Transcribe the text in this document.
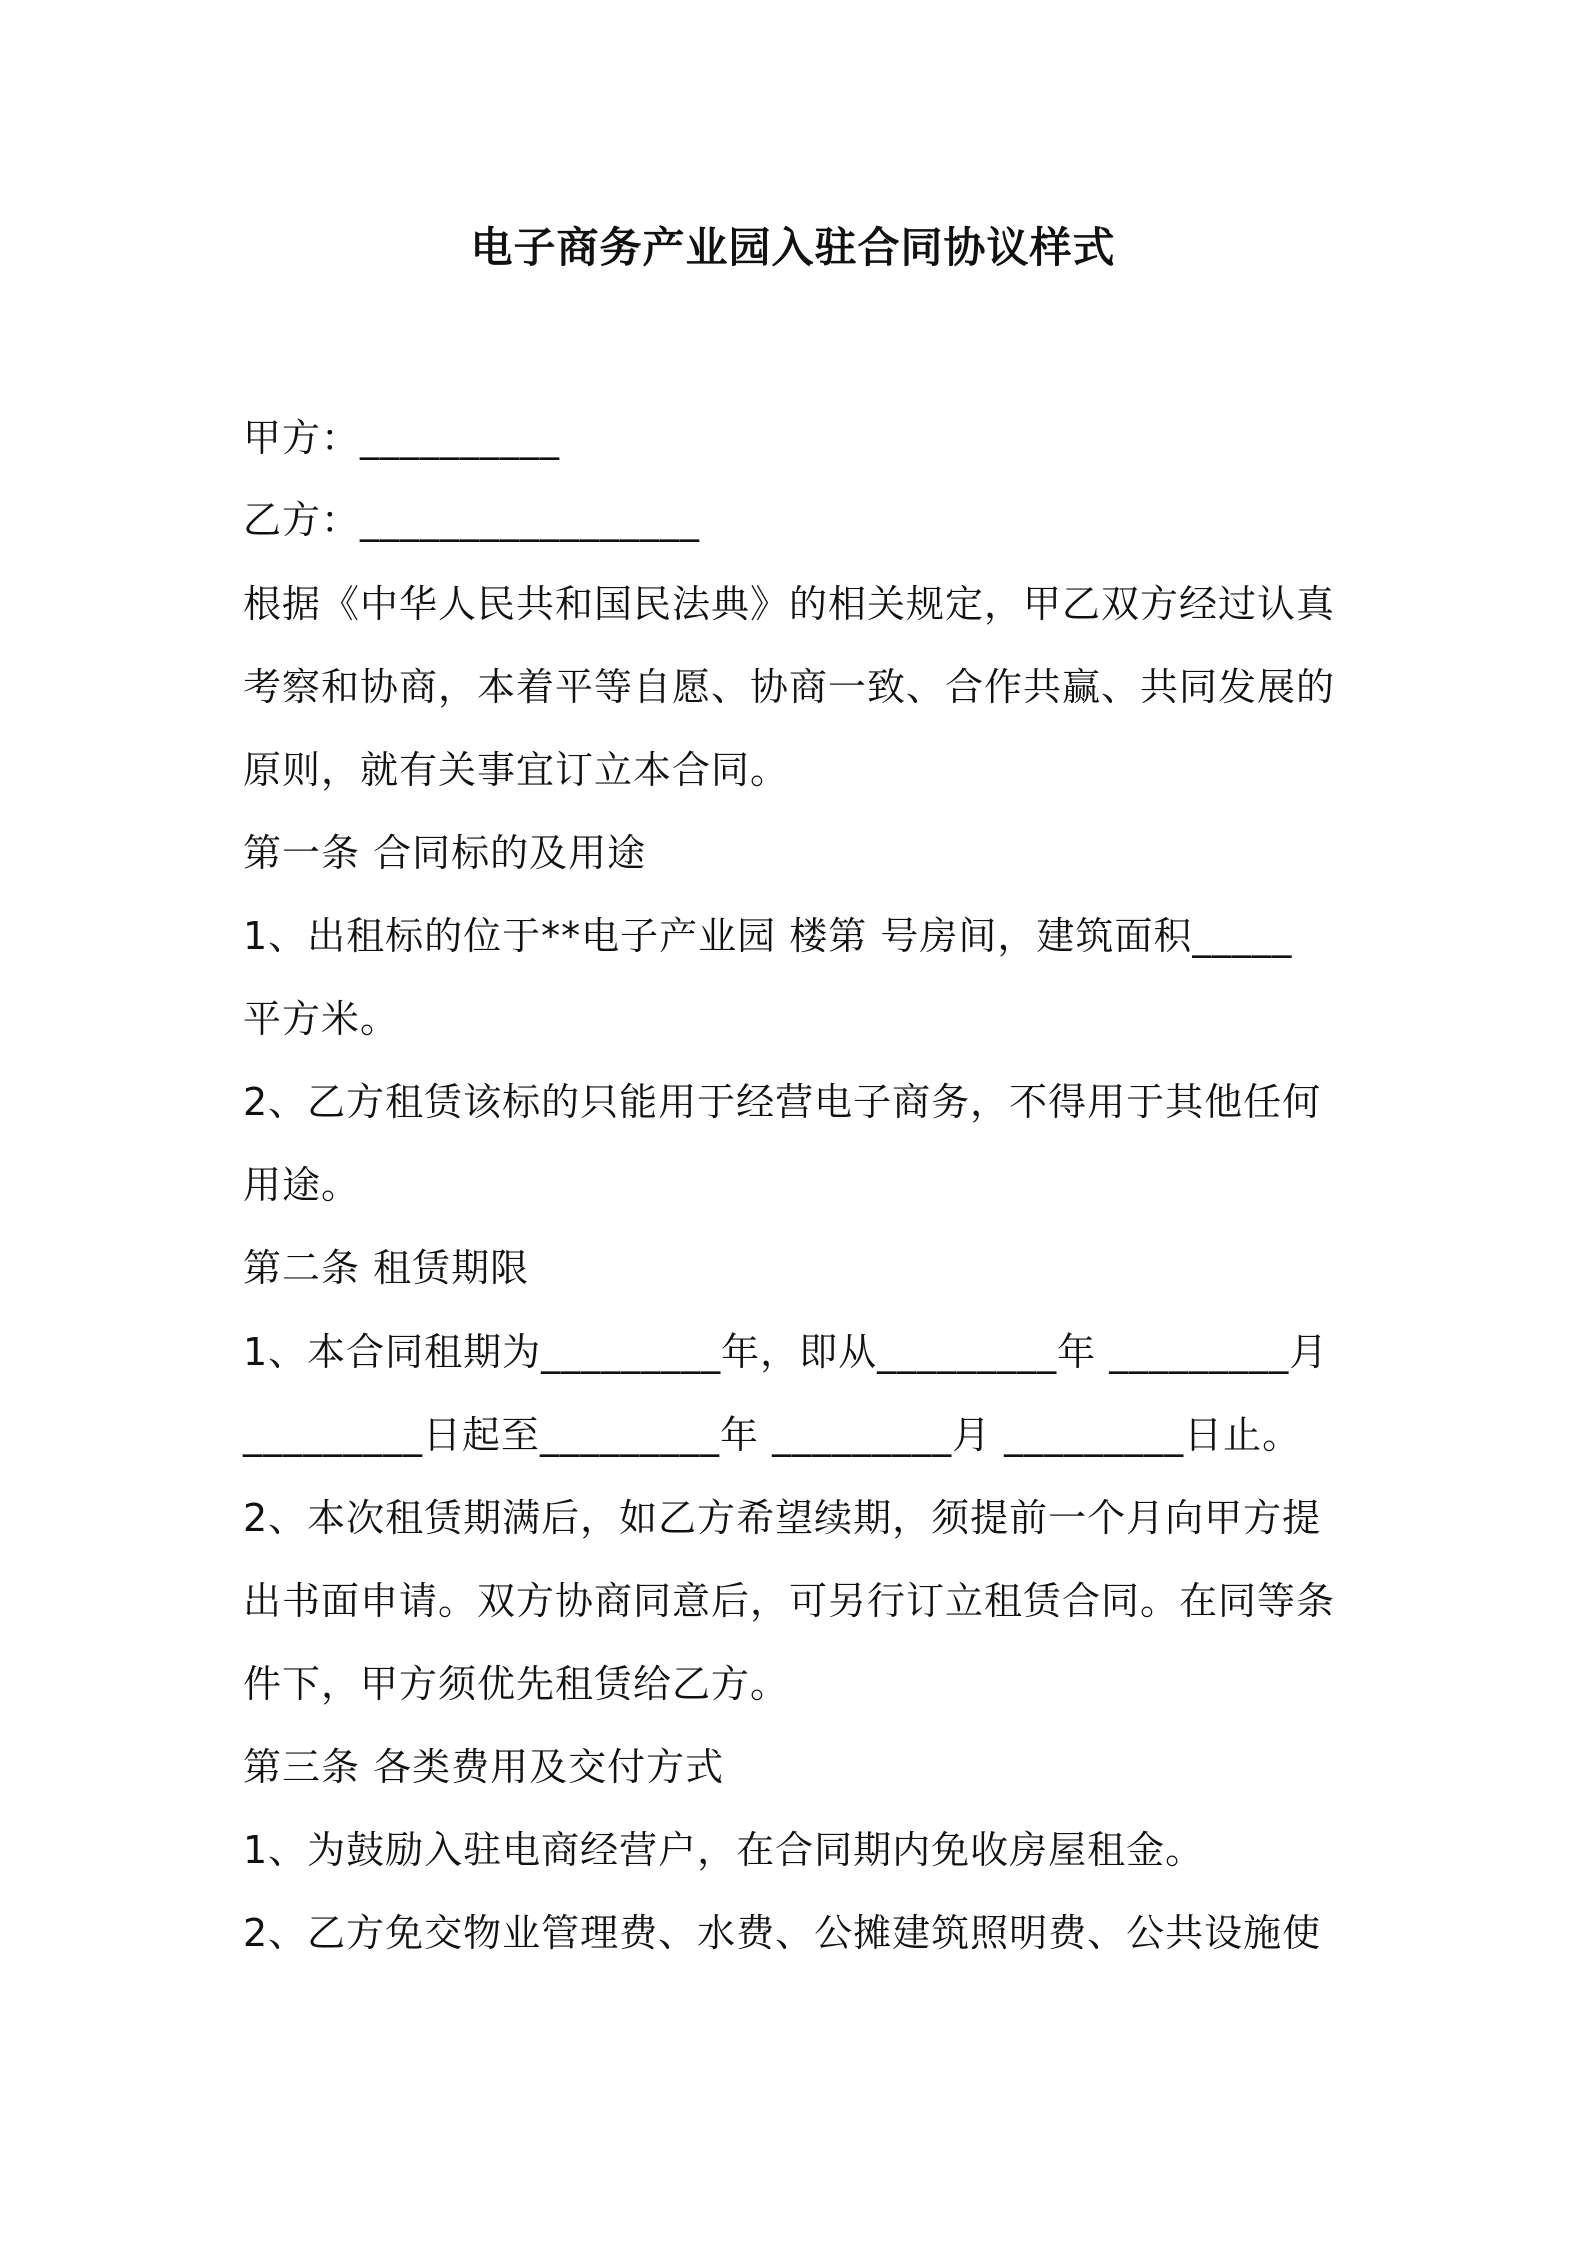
电子商务产业园入驻合同协议样式
甲方：__________
乙方：_________________
根据《中华人民共和国民法典》的相关规定，甲乙双方经过认真
考察和协商，本着平等自愿、协商一致、合作共赢、共同发展的
原则，就有关事宜订立本合同。
第一条 合同标的及用途
1、出租标的位于**电子产业园 楼第 号房间，建筑面积_____
平方米。
2、乙方租赁该标的只能用于经营电子商务，不得用于其他任何
用途。
第二条 租赁期限
1、本合同租期为_________年，即从_________年 _________月
_________日起至_________年 _________月 _________日止。
2、本次租赁期满后，如乙方希望续期，须提前一个月向甲方提
出书面申请。双方协商同意后，可另行订立租赁合同。在同等条
件下，甲方须优先租赁给乙方。
第三条 各类费用及交付方式
1、为鼓励入驻电商经营户，在合同期内免收房屋租金。
2、乙方免交物业管理费、水费、公摊建筑照明费、公共设施使
